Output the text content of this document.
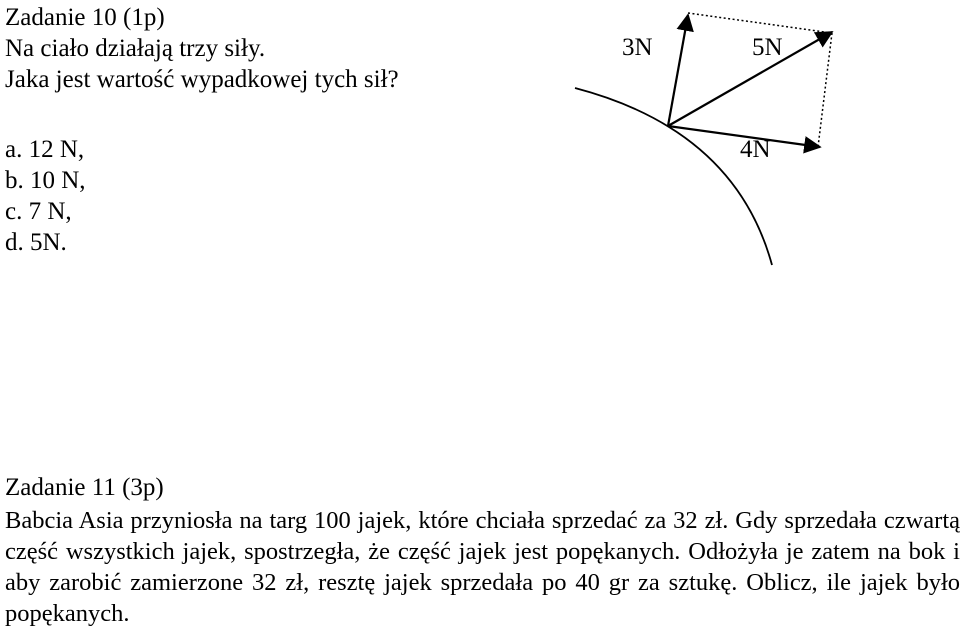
Zadanie 10 (1p)
Na ciało działają trzy siły.
Jaka jest wartość wypadkowej tych sił?
a. 12 N,
b. 10 N,
c. 7 N,
d. 5N.
3N	5N
4N
Zadanie 11 (3p)
Babcia Asia przyniosła na targ 100 jajek, które chciała sprzedać za 32 zł. Gdy sprzedała czwartą część wszystkich jajek, spostrzegła, że część jajek jest popękanych. Odłożyła je zatem na bok i aby zarobić zamierzone 32 zł, resztę jajek sprzedała po 40 gr za sztukę. Oblicz, ile jajek było popękanych.
